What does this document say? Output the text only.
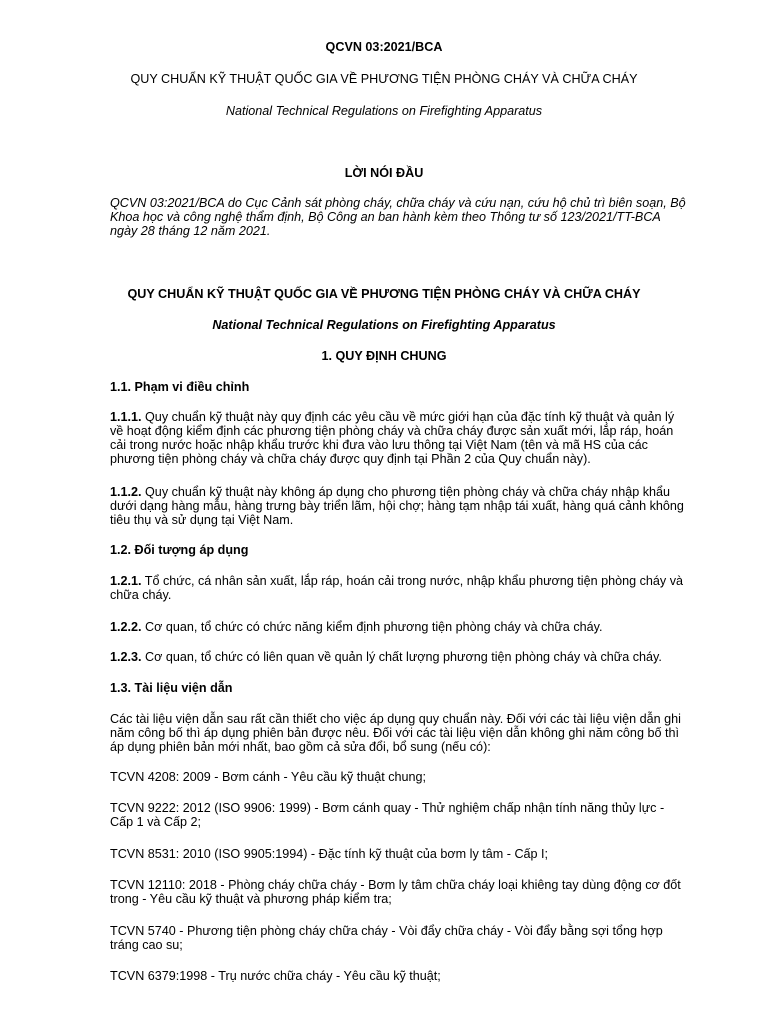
QCVN 03:2021/BCA

QUY CHUẨN KỸ THUẬT QUỐC GIA VỀ PHƯƠNG TIỆN PHÒNG CHÁY VÀ CHỮA CHÁY

National Technical Regulations on Firefighting Apparatus

LỜI NÓI ĐẦU

QCVN 03:2021/BCA do Cục Cảnh sát phòng cháy, chữa cháy và cứu nạn, cứu hộ chủ trì biên soạn, Bộ Khoa học và công nghệ thẩm định, Bộ Công an ban hành kèm theo Thông tư số 123/2021/TT-BCA ngày 28 tháng 12 năm 2021.

QUY CHUẨN KỸ THUẬT QUỐC GIA VỀ PHƯƠNG TIỆN PHÒNG CHÁY VÀ CHỮA CHÁY

National Technical Regulations on Firefighting Apparatus

1. QUY ĐỊNH CHUNG

1.1. Phạm vi điều chỉnh

1.1.1. Quy chuẩn kỹ thuật này quy định các yêu cầu về mức giới hạn của đặc tính kỹ thuật và quản lý về hoạt động kiểm định các phương tiện phòng cháy và chữa cháy được sản xuất mới, lắp ráp, hoán cải trong nước hoặc nhập khẩu trước khi đưa vào lưu thông tại Việt Nam (tên và mã HS của các phương tiện phòng cháy và chữa cháy được quy định tại Phần 2 của Quy chuẩn này).

1.1.2. Quy chuẩn kỹ thuật này không áp dụng cho phương tiện phòng cháy và chữa cháy nhập khẩu dưới dạng hàng mẫu, hàng trưng bày triển lãm, hội chợ; hàng tạm nhập tái xuất, hàng quá cảnh không tiêu thụ và sử dụng tại Việt Nam.

1.2. Đối tượng áp dụng

1.2.1. Tổ chức, cá nhân sản xuất, lắp ráp, hoán cải trong nước, nhập khẩu phương tiện phòng cháy và chữa cháy.

1.2.2. Cơ quan, tổ chức có chức năng kiểm định phương tiện phòng cháy và chữa cháy.

1.2.3. Cơ quan, tổ chức có liên quan về quản lý chất lượng phương tiện phòng cháy và chữa cháy.

1.3. Tài liệu viện dẫn

Các tài liệu viện dẫn sau rất cần thiết cho việc áp dụng quy chuẩn này. Đối với các tài liệu viện dẫn ghi năm công bố thì áp dụng phiên bản được nêu. Đối với các tài liệu viện dẫn không ghi năm công bố thì áp dụng phiên bản mới nhất, bao gồm cả sửa đổi, bổ sung (nếu có):

TCVN 4208: 2009 - Bơm cánh - Yêu cầu kỹ thuật chung;

TCVN 9222: 2012 (ISO 9906: 1999) - Bơm cánh quay - Thử nghiệm chấp nhận tính năng thủy lực - Cấp 1 và Cấp 2;

TCVN 8531: 2010 (ISO 9905:1994) - Đặc tính kỹ thuật của bơm ly tâm - Cấp I;

TCVN 12110: 2018 - Phòng cháy chữa cháy - Bơm ly tâm chữa cháy loại khiêng tay dùng động cơ đốt trong - Yêu cầu kỹ thuật và phương pháp kiểm tra;

TCVN 5740 - Phương tiện phòng cháy chữa cháy - Vòi đẩy chữa cháy - Vòi đẩy bằng sợi tổng hợp tráng cao su;

TCVN 6379:1998 - Trụ nước chữa cháy - Yêu cầu kỹ thuật;
